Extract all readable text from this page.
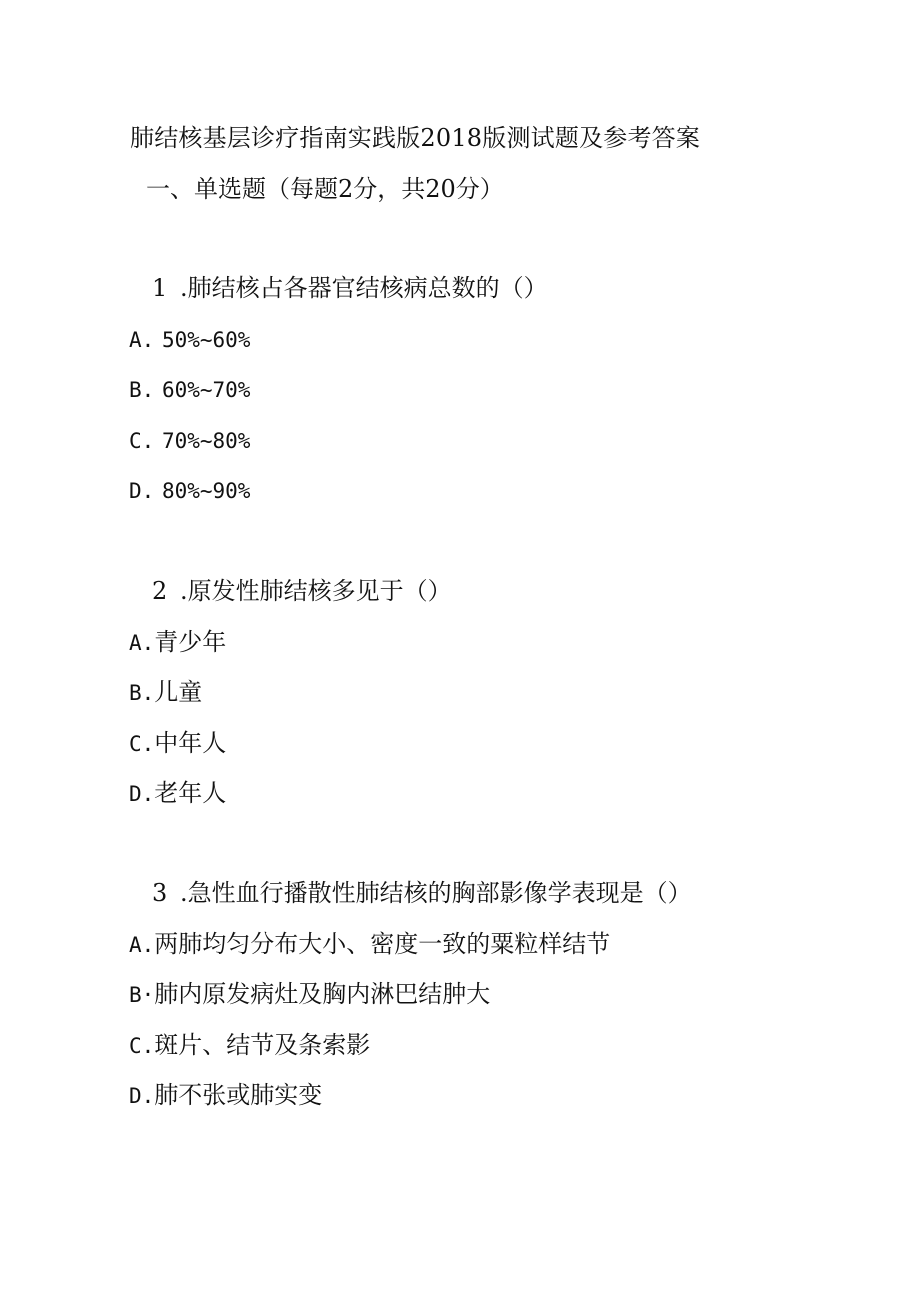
肺结核基层诊疗指南实践版2018版测试题及参考答案
一、单选题（每题2分，共20分）
1 .肺结核占各器官结核病总数的（）
A. 50%~60%
B. 60%~70%
C. 70%~80%
D. 80%~90%
2 .原发性肺结核多见于（）
A.青少年
B.儿童
C.中年人
D.老年人
3 .急性血行播散性肺结核的胸部影像学表现是（）
A.两肺均匀分布大小、密度一致的粟粒样结节
B·肺内原发病灶及胸内淋巴结肿大
C.斑片、结节及条索影
D.肺不张或肺实变
